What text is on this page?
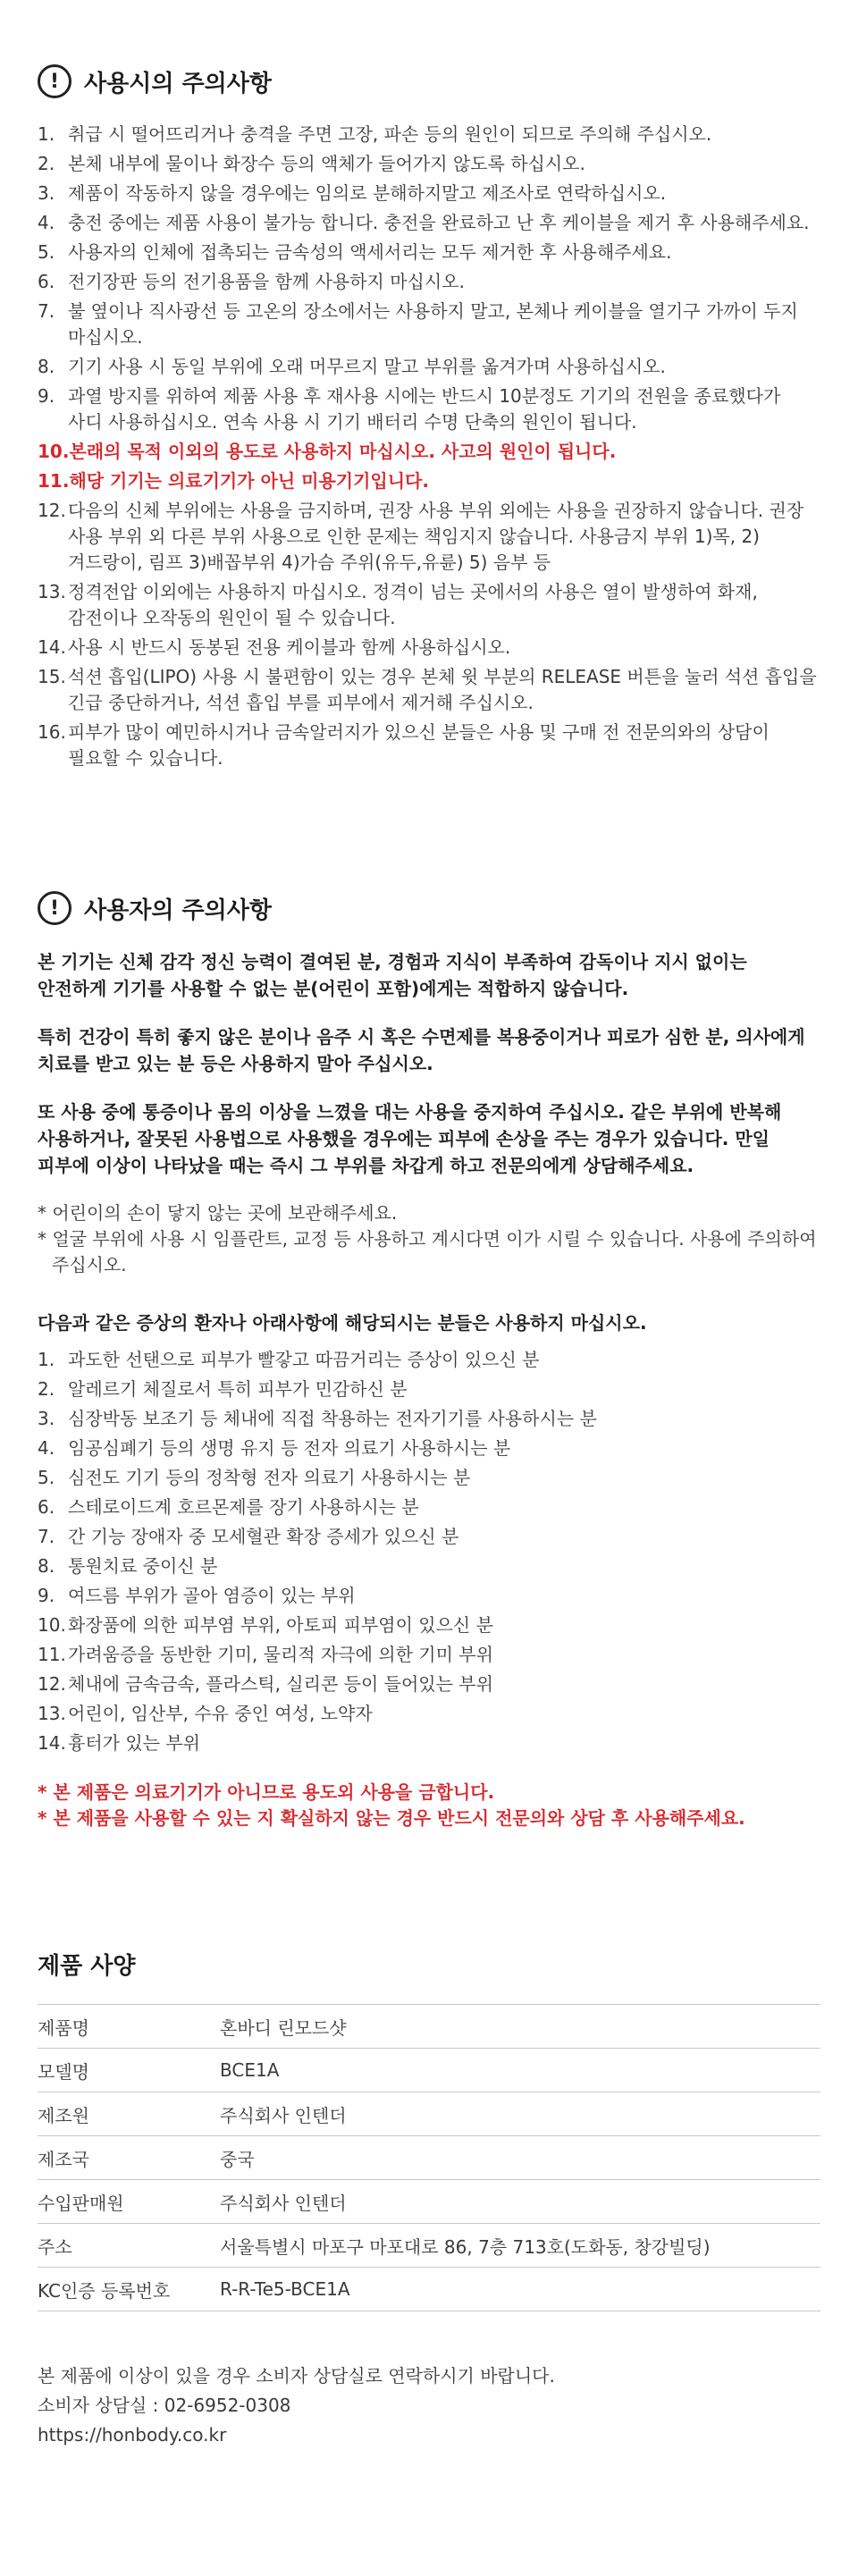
!	사용시의 주의사항
1. 취급 시 떨어뜨리거나 충격을 주면 고장, 파손 등의 원인이 되므로 주의해 주십시오.
2. 본체 내부에 물이나 화장수 등의 액체가 들어가지 않도록 하십시오.
3. 제품이 작동하지 않을 경우에는 임의로 분해하지말고 제조사로 연락하십시오.
4. 충전 중에는 제품 사용이 불가능 합니다. 충전을 완료하고 난 후 케이블을 제거 후 사용해주세요.
5. 사용자의 인체에 접촉되는 금속성의 액세서리는 모두 제거한 후 사용해주세요.
6. 전기장판 등의 전기용품을 함께 사용하지 마십시오.
7. 불 옆이나 직사광선 등 고온의 장소에서는 사용하지 말고, 본체나 케이블을 열기구 가까이 두지 마십시오.
8. 기기 사용 시 동일 부위에 오래 머무르지 말고 부위를 옮겨가며 사용하십시오.
9. 과열 방지를 위하여 제품 사용 후 재사용 시에는 반드시 10분정도 기기의 전원을 종료했다가 사디 사용하십시오. 연속 사용 시 기기 배터리 수명 단축의 원인이 됩니다.
10. 본래의 목적 이외의 용도로 사용하지 마십시오. 사고의 원인이 됩니다.
11. 해당 기기는 의료기기가 아닌 미용기기입니다.
12. 다음의 신체 부위에는 사용을 금지하며, 권장 사용 부위 외에는 사용을 권장하지 않습니다. 권장 사용 부위 외 다른 부위 사용으로 인한 문제는 책임지지 않습니다. 사용금지 부위 1)목, 2)겨드랑이, 림프 3)배꼽부위 4)가슴 주위(유두,유륜) 5) 음부 등
13. 정격전압 이외에는 사용하지 마십시오. 정격이 넘는 곳에서의 사용은 열이 발생하여 화재, 감전이나 오작동의 원인이 될 수 있습니다.
14. 사용 시 반드시 동봉된 전용 케이블과 함께 사용하십시오.
15. 석션 흡입(LIPO) 사용 시 불편함이 있는 경우 본체 윗 부분의 RELEASE 버튼을 눌러 석션 흡입을 긴급 중단하거나, 석션 흡입 부를 피부에서 제거해 주십시오.
16. 피부가 많이 예민하시거나 금속알러지가 있으신 분들은 사용 및 구매 전 전문의와의 상담이 필요할 수 있습니다.
!	사용자의 주의사항

본 기기는 신체 감각 정신 능력이 결여된 분, 경험과 지식이 부족하여 감독이나 지시 없이는 안전하게 기기를 사용할 수 없는 분(어린이 포함)에게는 적합하지 않습니다.

특히 건강이 특히 좋지 않은 분이나 음주 시 혹은 수면제를 복용중이거나 피로가 심한 분, 의사에게 치료를 받고 있는 분 등은 사용하지 말아 주십시오.

또 사용 중에 통증이나 몸의 이상을 느꼈을 대는 사용을 중지하여 주십시오. 같은 부위에 반복해 사용하거나, 잘못된 사용법으로 사용했을 경우에는 피부에 손상을 주는 경우가 있습니다. 만일 피부에 이상이 나타났을 때는 즉시 그 부위를 차갑게 하고 전문의에게 상담해주세요.

* 어린이의 손이 닿지 않는 곳에 보관해주세요.
* 얼굴 부위에 사용 시 임플란트, 교정 등 사용하고 계시다면 이가 시릴 수 있습니다. 사용에 주의하여 주십시오.
다음과 같은 증상의 환자나 아래사항에 해당되시는 분들은 사용하지 마십시오.
1. 과도한 선탠으로 피부가 빨갛고 따끔거리는 증상이 있으신 분
2. 알레르기 체질로서 특히 피부가 민감하신 분
3. 심장박동 보조기 등 체내에 직접 착용하는 전자기기를 사용하시는 분
4. 임공심폐기 등의 생명 유지 등 전자 의료기 사용하시는 분
5. 심전도 기기 등의 정착형 전자 의료기 사용하시는 분
6. 스테로이드계 호르몬제를 장기 사용하시는 분
7. 간 기능 장애자 중 모세혈관 확장 증세가 있으신 분
8. 통원치료 중이신 분
9. 여드름 부위가 골아 염증이 있는 부위
10. 화장품에 의한 피부염 부위, 아토피 피부염이 있으신 분
11. 가려움증을 동반한 기미, 물리적 자극에 의한 기미 부위
12. 체내에 금속금속, 플라스틱, 실리콘 등이 들어있는 부위
13. 어린이, 임산부, 수유 중인 여성, 노약자
14. 흉터가 있는 부위
* 본 제품은 의료기기가 아니므로 용도외 사용을 금합니다.
* 본 제품을 사용할 수 있는 지 확실하지 않는 경우 반드시 전문의와 상담 후 사용해주세요.
제품 사양
제품명	혼바디 린모드샷
모델명	BCE1A
제조원	주식회사 인텐더
제조국	중국
수입판매원	주식회사 인텐더
주소	서울특별시 마포구 마포대로 86, 7층 713호(도화동, 창강빌딩)
KC인증 등록번호	R-R-Te5-BCE1A
본 제품에 이상이 있을 경우 소비자 상담실로 연락하시기 바랍니다.
소비자 상담실 : 02-6952-0308
https://honbody.co.kr
